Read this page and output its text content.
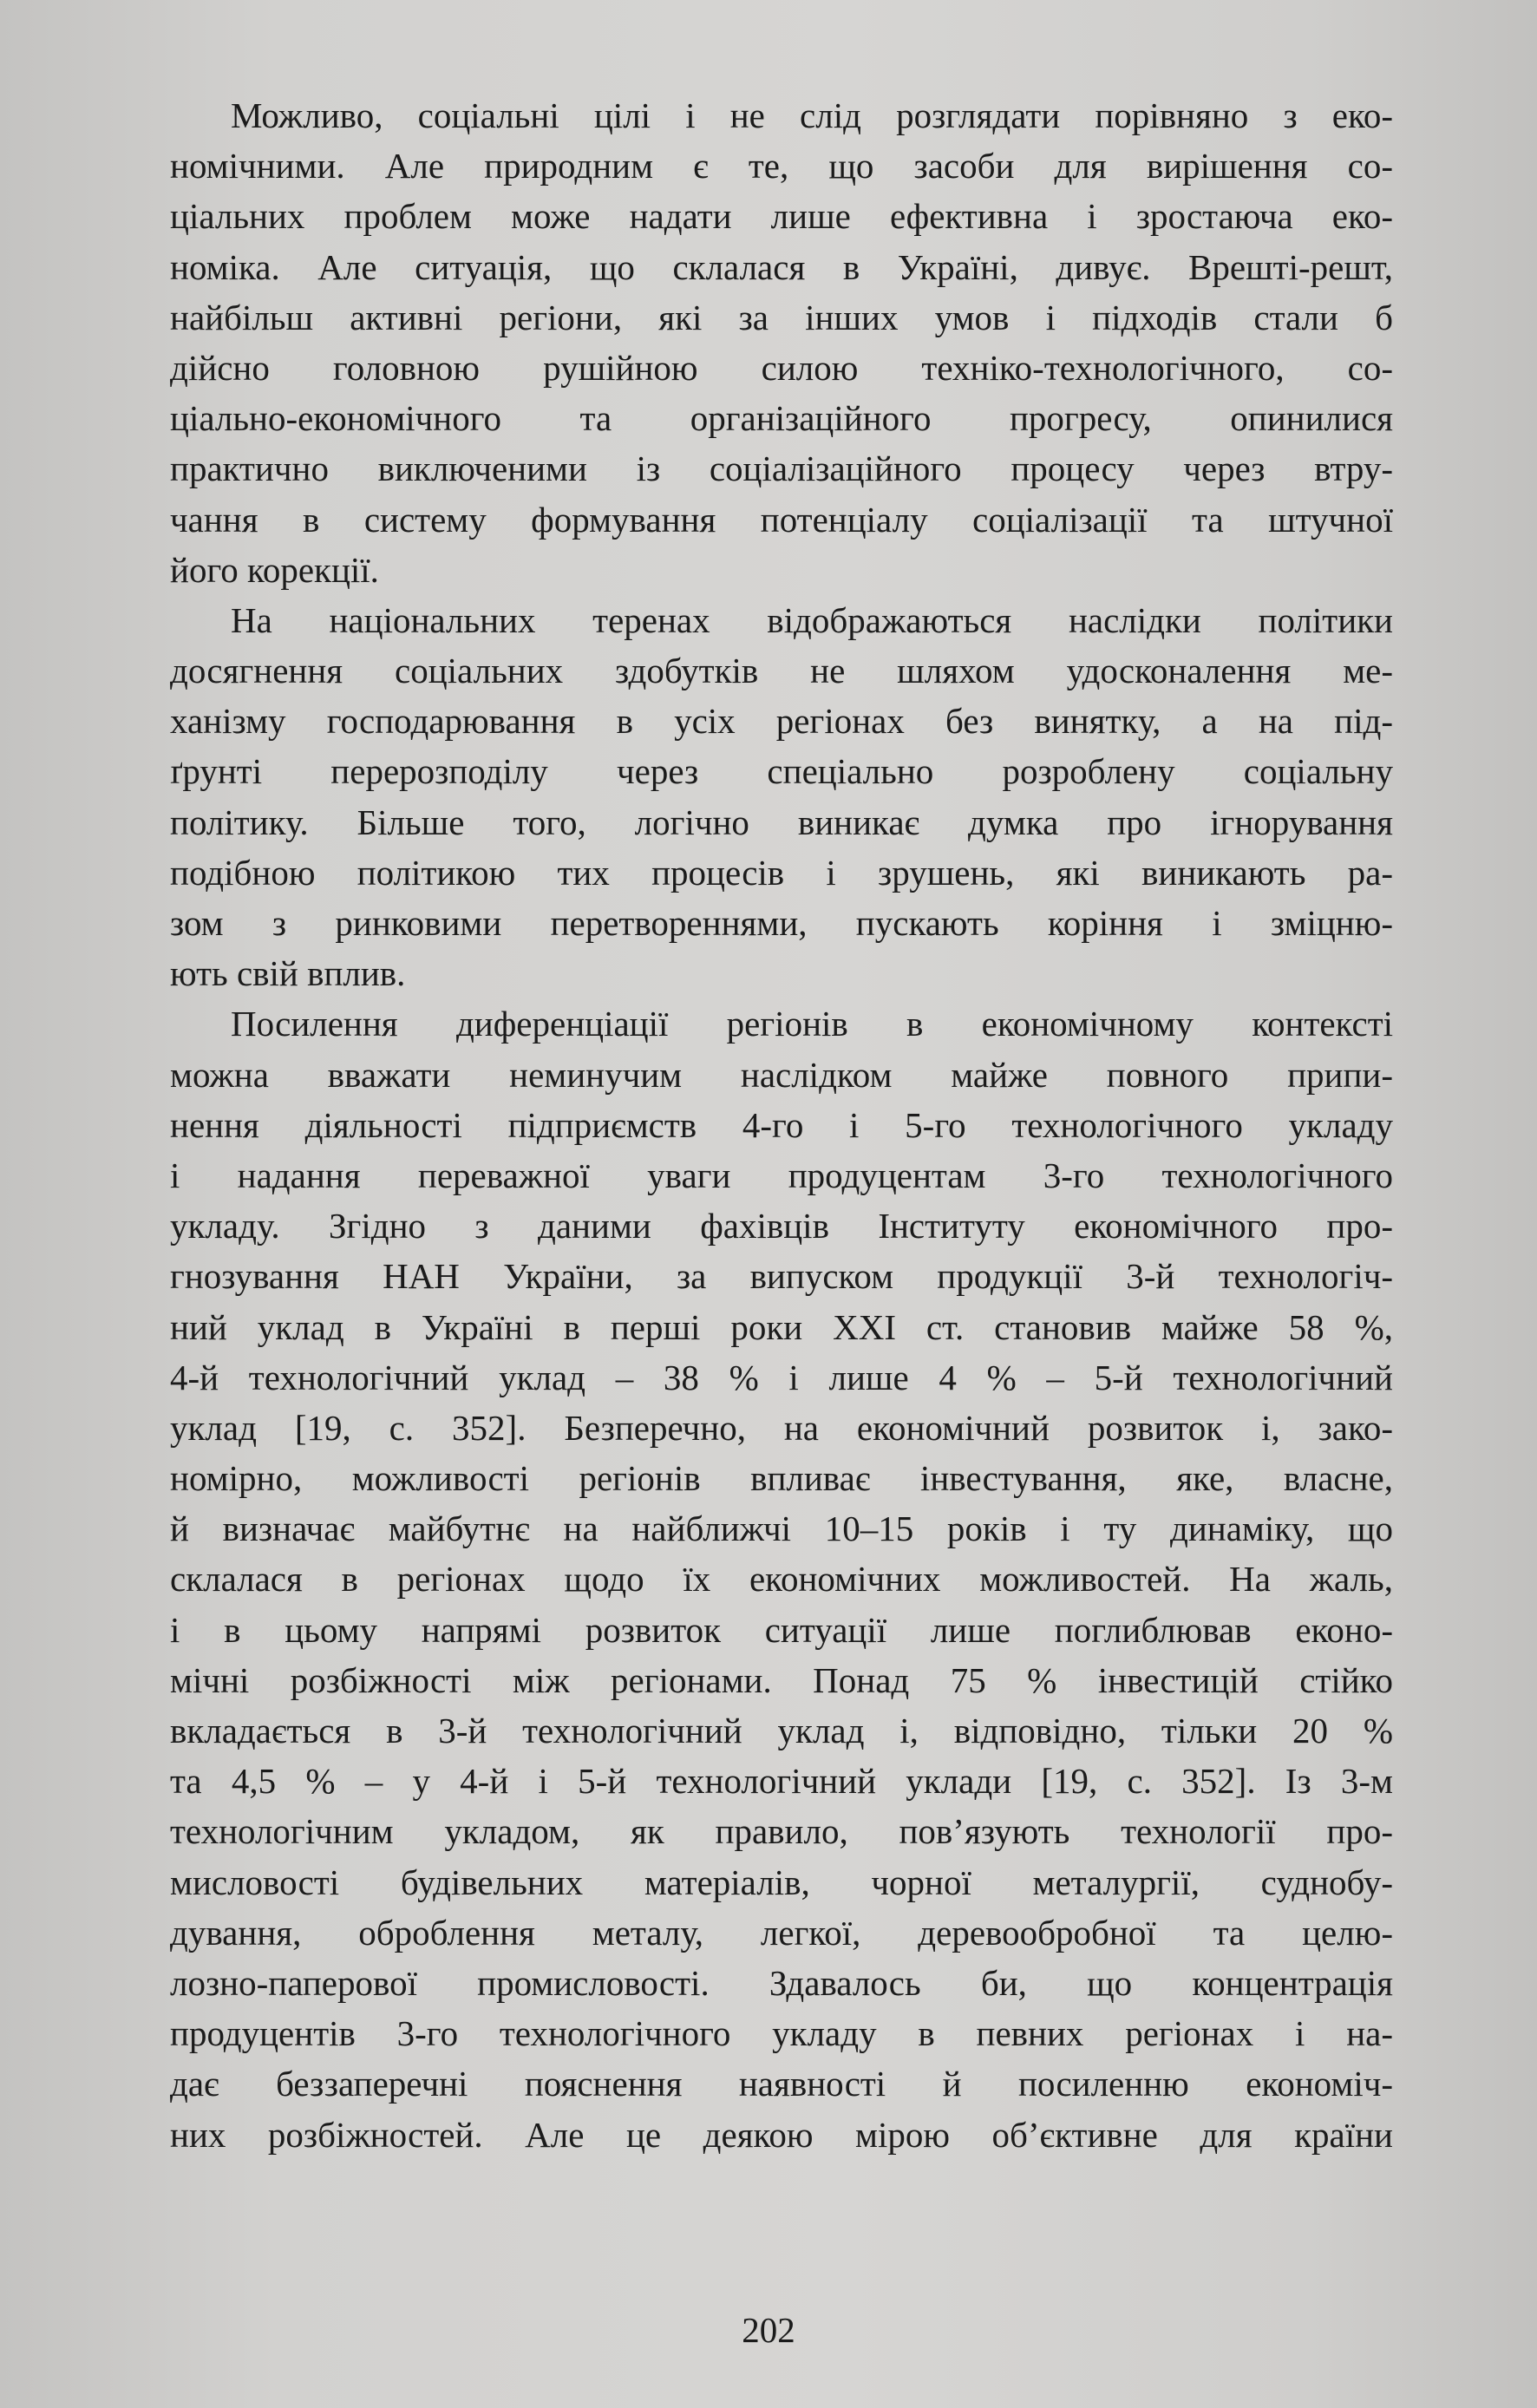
Можливо, соціальні цілі і не слід розглядати порівняно з еко-
номічними. Але природним є те, що засоби для вирішення со-
ціальних проблем може надати лише ефективна і зростаюча еко-
номіка. Але ситуація, що склалася в Україні, дивує. Врешті-решт,
найбільш активні регіони, які за інших умов і підходів стали б
дійсно головною рушійною силою техніко-технологічного, со-
ціально-економічного та організаційного прогресу, опинилися
практично виключеними із соціалізаційного процесу через втру-
чання в систему формування потенціалу соціалізації та штучної
його корекції.
На національних теренах відображаються наслідки політики
досягнення соціальних здобутків не шляхом удосконалення ме-
ханізму господарювання в усіх регіонах без винятку, а на під-
ґрунті перерозподілу через спеціально розроблену соціальну
політику. Більше того, логічно виникає думка про ігнорування
подібною політикою тих процесів і зрушень, які виникають ра-
зом з ринковими перетвореннями, пускають коріння і зміцню-
ють свій вплив.
Посилення диференціації регіонів в економічному контексті
можна вважати неминучим наслідком майже повного припи-
нення діяльності підприємств 4-го і 5-го технологічного укладу
і надання переважної уваги продуцентам 3-го технологічного
укладу. Згідно з даними фахівців Інституту економічного про-
гнозування НАН України, за випуском продукції 3-й технологіч-
ний уклад в Україні в перші роки XXI ст. становив майже 58 %,
4-й технологічний уклад – 38 % і лише 4 % – 5-й технологічний
уклад [19, с. 352]. Безперечно, на економічний розвиток і, зако-
номірно, можливості регіонів впливає інвестування, яке, власне,
й визначає майбутнє на найближчі 10–15 років і ту динаміку, що
склалася в регіонах щодо їх економічних можливостей. На жаль,
і в цьому напрямі розвиток ситуації лише поглиблював еконо-
мічні розбіжності між регіонами. Понад 75 % інвестицій стійко
вкладається в 3-й технологічний уклад і, відповідно, тільки 20 %
та 4,5 % – у 4-й і 5-й технологічний уклади [19, с. 352]. Із 3-м
технологічним укладом, як правило, пов’язують технології про-
мисловості будівельних матеріалів, чорної металургії, суднобу-
дування, оброблення металу, легкої, деревообробної та целю-
лозно-паперової промисловості. Здавалось би, що концентрація
продуцентів 3-го технологічного укладу в певних регіонах і на-
дає беззаперечні пояснення наявності й посиленню економіч-
них розбіжностей. Але це деякою мірою об’єктивне для країни
202
